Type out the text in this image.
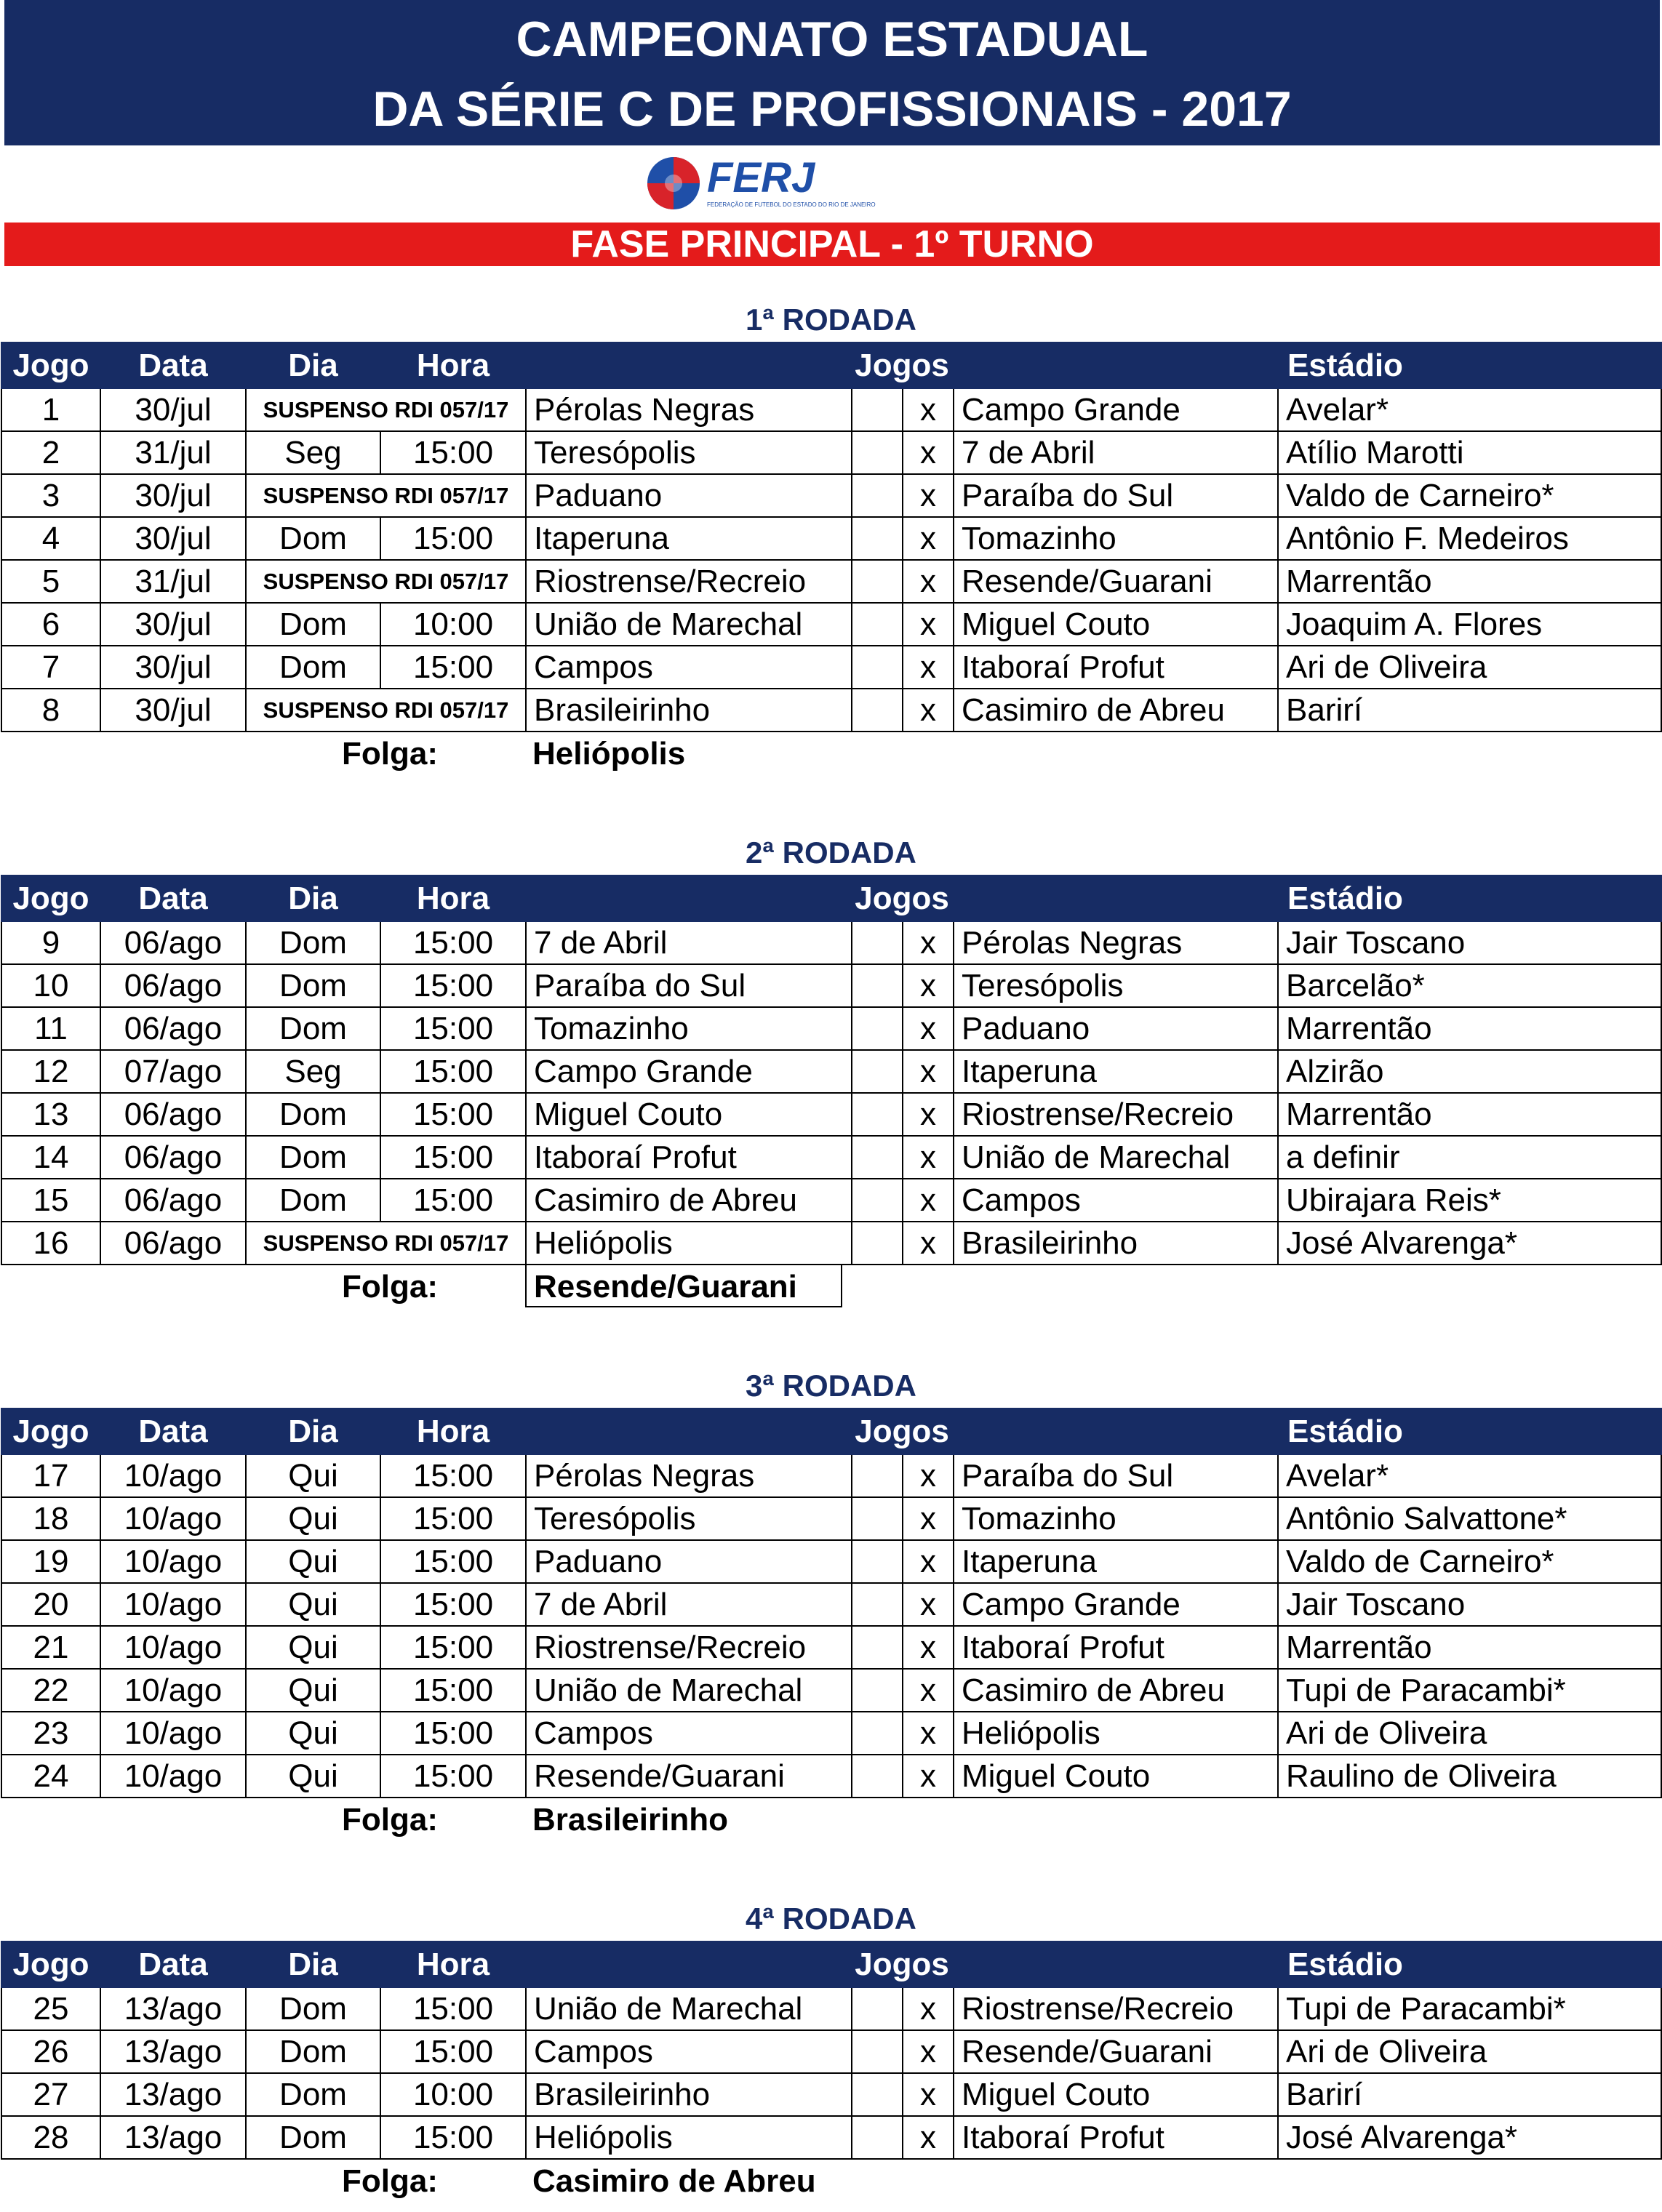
CAMPEONATO ESTADUAL
DA SÉRIE C DE PROFISSIONAIS - 2017
FERJ
FEDERAÇÃO DE FUTEBOL DO ESTADO DO RIO DE JANEIRO
FASE PRINCIPAL - 1º TURNO
1ª RODADA
Jogo	Data	Dia	Hora	Jogos				Estádio
1	30/jul	SUSPENSO RDI 057/17		Pérolas Negras		x	Campo Grande	Avelar*
2	31/jul	Seg	15:00	Teresópolis		x	7 de Abril	Atílio Marotti
3	30/jul	SUSPENSO RDI 057/17		Paduano		x	Paraíba do Sul	Valdo de Carneiro*
4	30/jul	Dom	15:00	Itaperuna		x	Tomazinho	Antônio F. Medeiros
5	31/jul	SUSPENSO RDI 057/17		Riostrense/Recreio		x	Resende/Guarani	Marrentão
6	30/jul	Dom	10:00	União de Marechal		x	Miguel Couto	Joaquim A. Flores
7	30/jul	Dom	15:00	Campos		x	Itaboraí Profut	Ari de Oliveira
8	30/jul	SUSPENSO RDI 057/17		Brasileirinho		x	Casimiro de Abreu	Barirí
Folga:	Heliópolis
2ª RODADA
Jogo	Data	Dia	Hora	Jogos				Estádio
9	06/ago	Dom	15:00	7 de Abril		x	Pérolas Negras	Jair Toscano
10	06/ago	Dom	15:00	Paraíba do Sul		x	Teresópolis	Barcelão*
11	06/ago	Dom	15:00	Tomazinho		x	Paduano	Marrentão
12	07/ago	Seg	15:00	Campo Grande		x	Itaperuna	Alzirão
13	06/ago	Dom	15:00	Miguel Couto		x	Riostrense/Recreio	Marrentão
14	06/ago	Dom	15:00	Itaboraí Profut		x	União de Marechal	a definir
15	06/ago	Dom	15:00	Casimiro de Abreu		x	Campos	Ubirajara Reis*
16	06/ago	SUSPENSO RDI 057/17		Heliópolis		x	Brasileirinho	José Alvarenga*
Folga:	Resende/Guarani
3ª RODADA
Jogo	Data	Dia	Hora	Jogos				Estádio
17	10/ago	Qui	15:00	Pérolas Negras		x	Paraíba do Sul	Avelar*
18	10/ago	Qui	15:00	Teresópolis		x	Tomazinho	Antônio Salvattone*
19	10/ago	Qui	15:00	Paduano		x	Itaperuna	Valdo de Carneiro*
20	10/ago	Qui	15:00	7 de Abril		x	Campo Grande	Jair Toscano
21	10/ago	Qui	15:00	Riostrense/Recreio		x	Itaboraí Profut	Marrentão
22	10/ago	Qui	15:00	União de Marechal		x	Casimiro de Abreu	Tupi de Paracambi*
23	10/ago	Qui	15:00	Campos		x	Heliópolis	Ari de Oliveira
24	10/ago	Qui	15:00	Resende/Guarani		x	Miguel Couto	Raulino de Oliveira
Folga:	Brasileirinho
4ª RODADA
Jogo	Data	Dia	Hora	Jogos				Estádio
25	13/ago	Dom	15:00	União de Marechal		x	Riostrense/Recreio	Tupi de Paracambi*
26	13/ago	Dom	15:00	Campos		x	Resende/Guarani	Ari de Oliveira
27	13/ago	Dom	10:00	Brasileirinho		x	Miguel Couto	Barirí
28	13/ago	Dom	15:00	Heliópolis		x	Itaboraí Profut	José Alvarenga*
Folga:	Casimiro de Abreu
